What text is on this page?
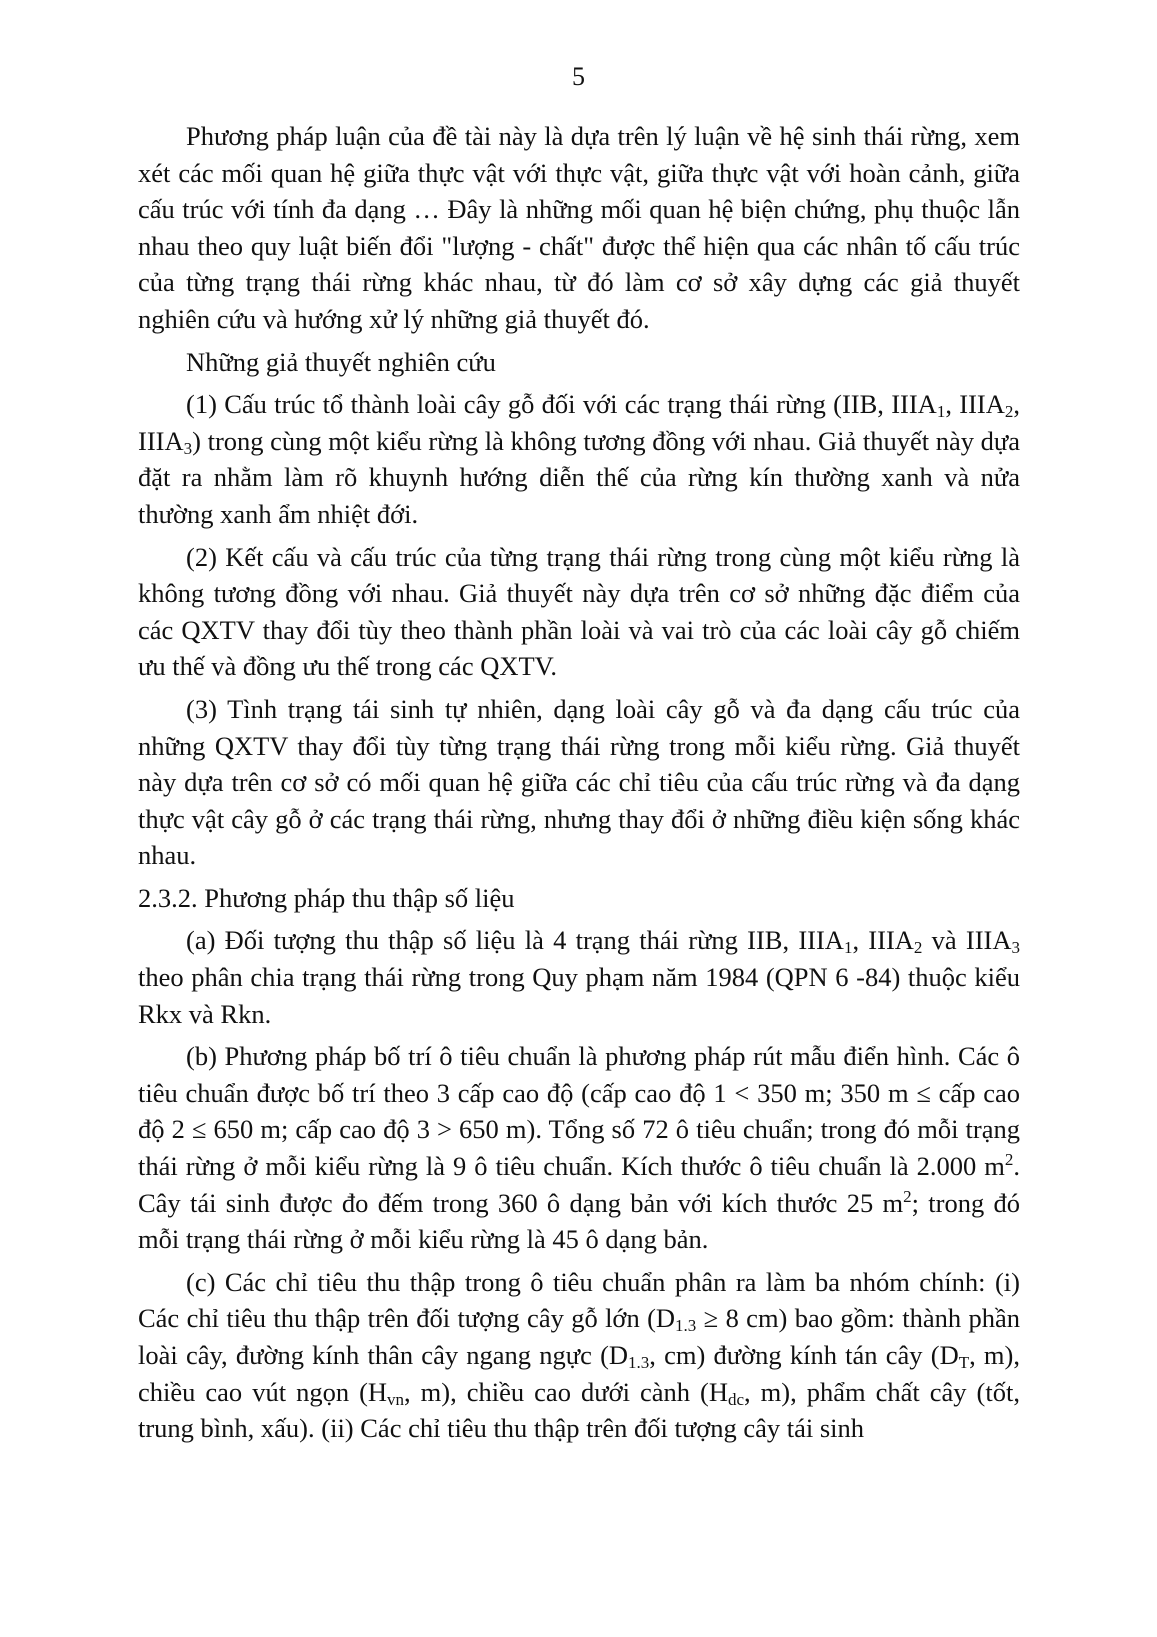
5

Phương pháp luận của đề tài này là dựa trên lý luận về hệ sinh thái rừng, xem xét các mối quan hệ giữa thực vật với thực vật, giữa thực vật với hoàn cảnh, giữa cấu trúc với tính đa dạng … Đây là những mối quan hệ biện chứng, phụ thuộc lẫn nhau theo quy luật biến đổi "lượng - chất" được thể hiện qua các nhân tố cấu trúc của từng trạng thái rừng khác nhau, từ đó làm cơ sở xây dựng các giả thuyết nghiên cứu và hướng xử lý những giả thuyết đó.

Những giả thuyết nghiên cứu

(1) Cấu trúc tổ thành loài cây gỗ đối với các trạng thái rừng (IIB, $IIIA_1$, $IIIA_2$, $IIIA_3$) trong cùng một kiểu rừng là không tương đồng với nhau. Giả thuyết này dựa đặt ra nhằm làm rõ khuynh hướng diễn thế của rừng kín thường xanh và nửa thường xanh ẩm nhiệt đới.

(2) Kết cấu và cấu trúc của từng trạng thái rừng trong cùng một kiểu rừng là không tương đồng với nhau. Giả thuyết này dựa trên cơ sở những đặc điểm của các QXTV thay đổi tùy theo thành phần loài và vai trò của các loài cây gỗ chiếm ưu thế và đồng ưu thế trong các QXTV.

(3) Tình trạng tái sinh tự nhiên, dạng loài cây gỗ và đa dạng cấu trúc của những QXTV thay đổi tùy từng trạng thái rừng trong mỗi kiểu rừng. Giả thuyết này dựa trên cơ sở có mối quan hệ giữa các chỉ tiêu của cấu trúc rừng và đa dạng thực vật cây gỗ ở các trạng thái rừng, nhưng thay đổi ở những điều kiện sống khác nhau.

2.3.2. Phương pháp thu thập số liệu

(a) Đối tượng thu thập số liệu là 4 trạng thái rừng IIB, $IIIA_1$, $IIIA_2$ và $IIIA_3$ theo phân chia trạng thái rừng trong Quy phạm năm 1984 (QPN 6 -84) thuộc kiểu Rkx và Rkn.

(b) Phương pháp bố trí ô tiêu chuẩn là phương pháp rút mẫu điển hình. Các ô tiêu chuẩn được bố trí theo 3 cấp cao độ (cấp cao độ 1 < 350 m; 350 m ≤ cấp cao độ 2 ≤ 650 m; cấp cao độ 3 > 650 m). Tổng số 72 ô tiêu chuẩn; trong đó mỗi trạng thái rừng ở mỗi kiểu rừng là 9 ô tiêu chuẩn. Kích thước ô tiêu chuẩn là 2.000 $m^2$. Cây tái sinh được đo đếm trong 360 ô dạng bản với kích thước 25 $m^2$; trong đó mỗi trạng thái rừng ở mỗi kiểu rừng là 45 ô dạng bản.

(c) Các chỉ tiêu thu thập trong ô tiêu chuẩn phân ra làm ba nhóm chính: (i) Các chỉ tiêu thu thập trên đối tượng cây gỗ lớn ($D_{1.3} \ge 8$ cm) bao gồm: thành phần loài cây, đường kính thân cây ngang ngực ($D_{1.3}$, cm) đường kính tán cây ($D_T$, m), chiều cao vút ngọn ($H_{vn}$, m), chiều cao dưới cành ($H_{dc}$, m), phẩm chất cây (tốt, trung bình, xấu). (ii) Các chỉ tiêu thu thập trên đối tượng cây tái sinh
